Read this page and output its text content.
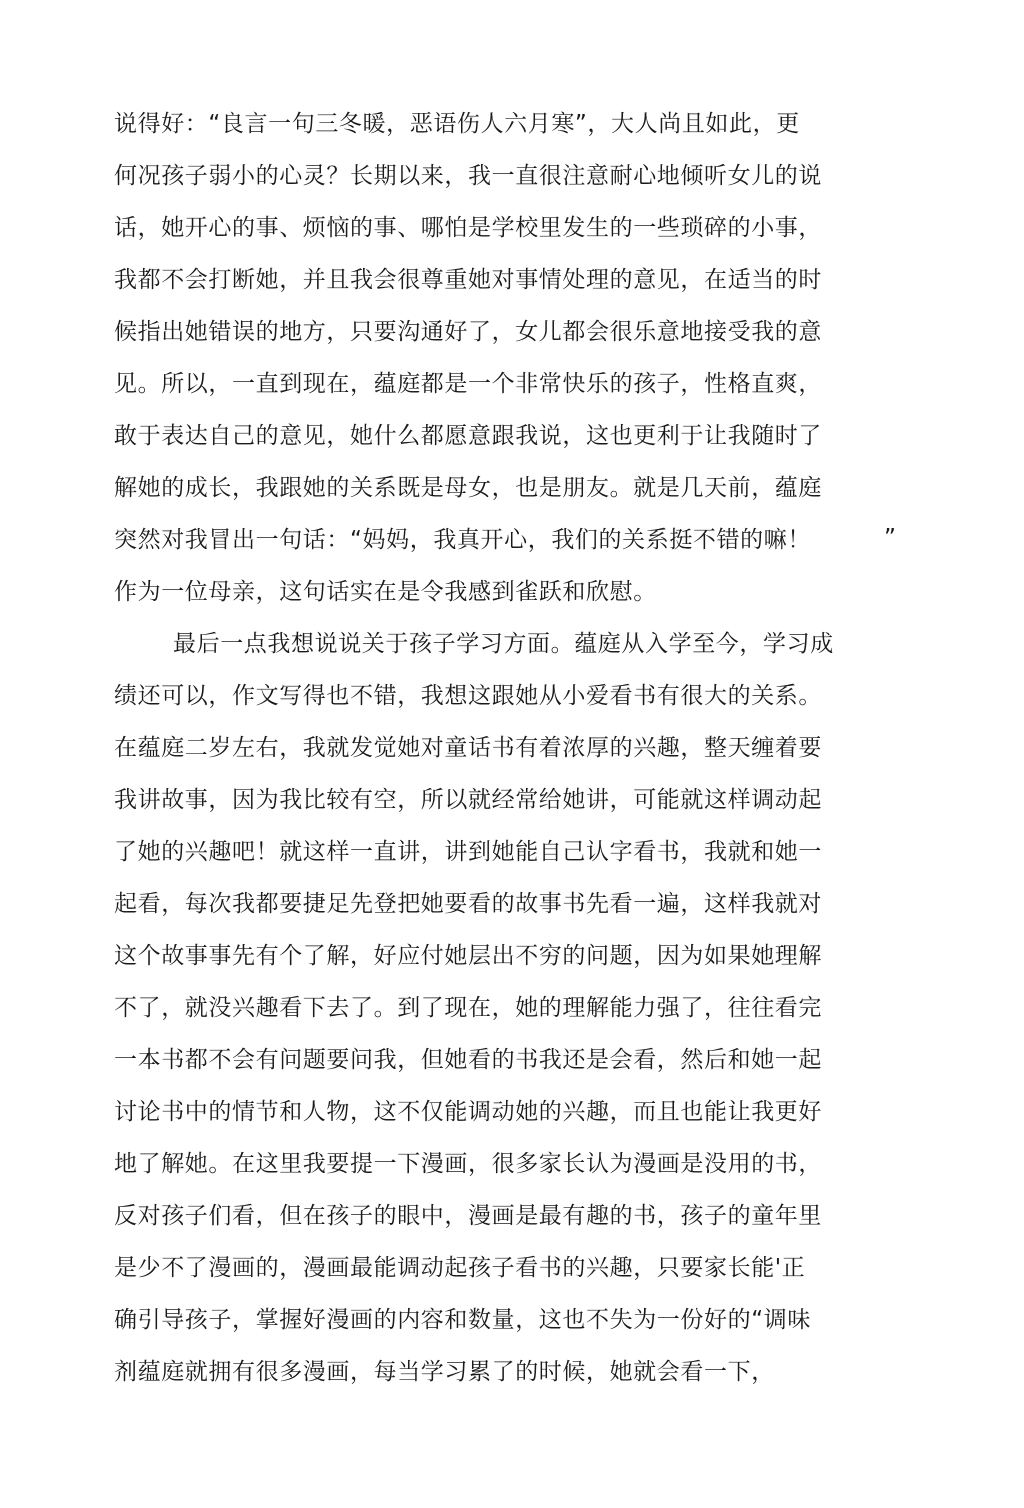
说得好：“良言一句三冬暖，恶语伤人六月寒”，大人尚且如此，更
何况孩子弱小的心灵？长期以来，我一直很注意耐心地倾听女儿的说
话，她开心的事、烦恼的事、哪怕是学校里发生的一些琐碎的小事，
我都不会打断她，并且我会很尊重她对事情处理的意见，在适当的时
候指出她错误的地方，只要沟通好了，女儿都会很乐意地接受我的意
见。所以，一直到现在，蕴庭都是一个非常快乐的孩子，性格直爽，
敢于表达自己的意见，她什么都愿意跟我说，这也更利于让我随时了
解她的成长，我跟她的关系既是母女，也是朋友。就是几天前，蕴庭
突然对我冒出一句话：“妈妈，我真开心，我们的关系挺不错的嘛！	”
作为一位母亲，这句话实在是令我感到雀跃和欣慰。
最后一点我想说说关于孩子学习方面。蕴庭从入学至今，学习成
绩还可以，作文写得也不错，我想这跟她从小爱看书有很大的关系。
在蕴庭二岁左右，我就发觉她对童话书有着浓厚的兴趣，整天缠着要
我讲故事，因为我比较有空，所以就经常给她讲，可能就这样调动起
了她的兴趣吧！就这样一直讲，讲到她能自己认字看书，我就和她一
起看，每次我都要捷足先登把她要看的故事书先看一遍，这样我就对
这个故事事先有个了解，好应付她层出不穷的问题，因为如果她理解
不了，就没兴趣看下去了。到了现在，她的理解能力强了，往往看完
一本书都不会有问题要问我，但她看的书我还是会看，然后和她一起
讨论书中的情节和人物，这不仅能调动她的兴趣，而且也能让我更好
地了解她。在这里我要提一下漫画，很多家长认为漫画是没用的书，
反对孩子们看，但在孩子的眼中，漫画是最有趣的书，孩子的童年里
是少不了漫画的，漫画最能调动起孩子看书的兴趣，只要家长能'正
确引导孩子，掌握好漫画的内容和数量，这也不失为一份好的“调味
剂蕴庭就拥有很多漫画，每当学习累了的时候，她就会看一下，
